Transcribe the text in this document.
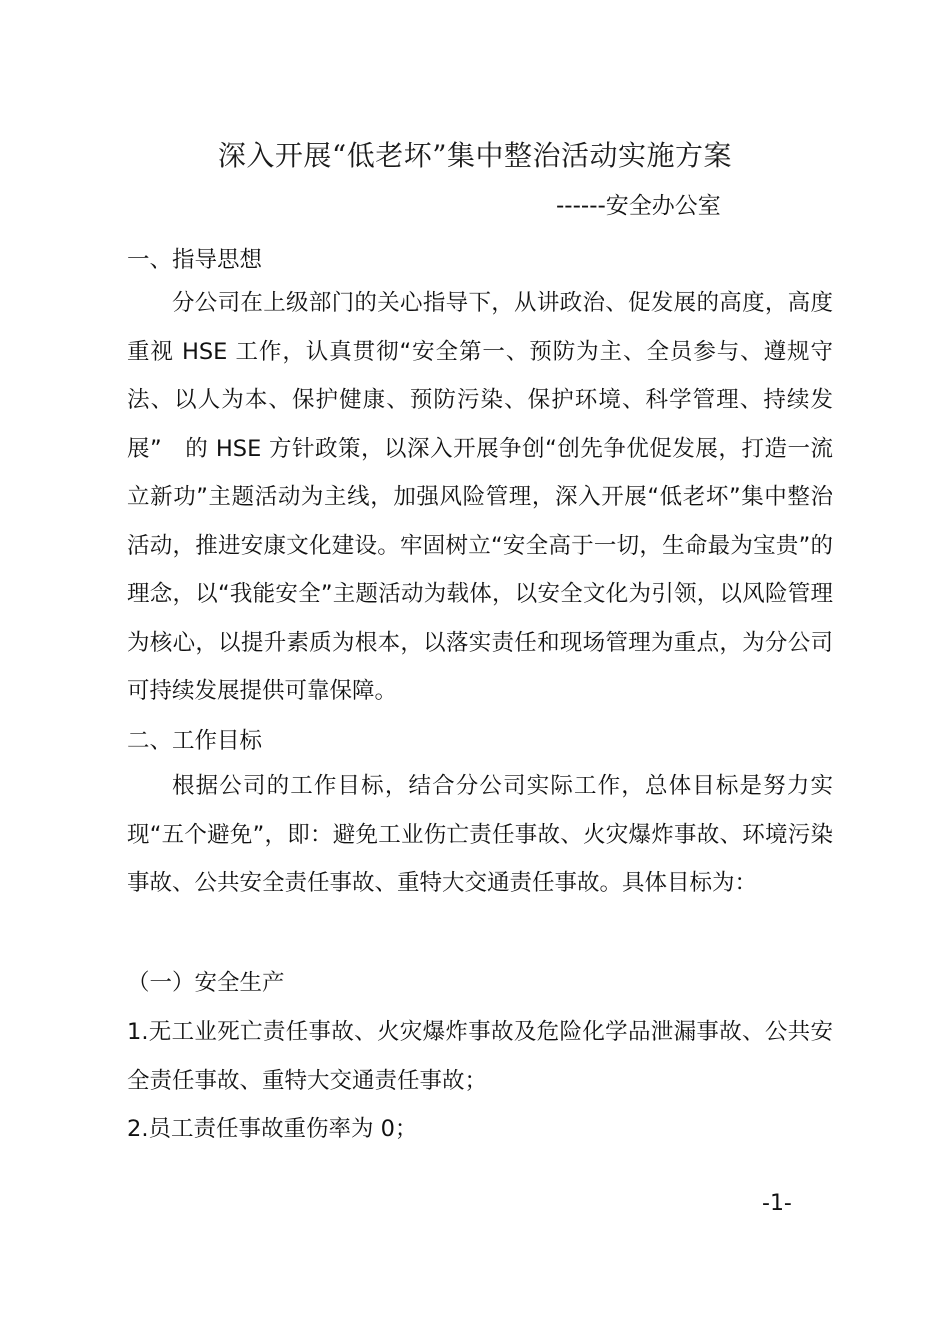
深入开展“低老坏”集中整治活动实施方案
------安全办公室
一、指导思想

分公司在上级部门的关心指导下，从讲政治、促发展的高度，高度重视 HSE 工作，认真贯彻“安全第一、预防为主、全员参与、遵规守法、以人为本、保护健康、预防污染、保护环境、科学管理、持续发展”　的 HSE 方针政策，以深入开展争创“创先争优促发展，打造一流立新功”主题活动为主线，加强风险管理，深入开展“低老坏”集中整治活动，推进安康文化建设。牢固树立“安全高于一切，生命最为宝贵”的理念，以“我能安全”主题活动为载体，以安全文化为引领，以风险管理为核心，以提升素质为根本，以落实责任和现场管理为重点，为分公司可持续发展提供可靠保障。

二、工作目标

根据公司的工作目标，结合分公司实际工作，总体目标是努力实现“五个避免”，即：避免工业伤亡责任事故、火灾爆炸事故、环境污染事故、公共安全责任事故、重特大交通责任事故。具体目标为：

（一）安全生产

1.无工业死亡责任事故、火灾爆炸事故及危险化学品泄漏事故、公共安全责任事故、重特大交通责任事故；

2.员工责任事故重伤率为 0；

-1-
